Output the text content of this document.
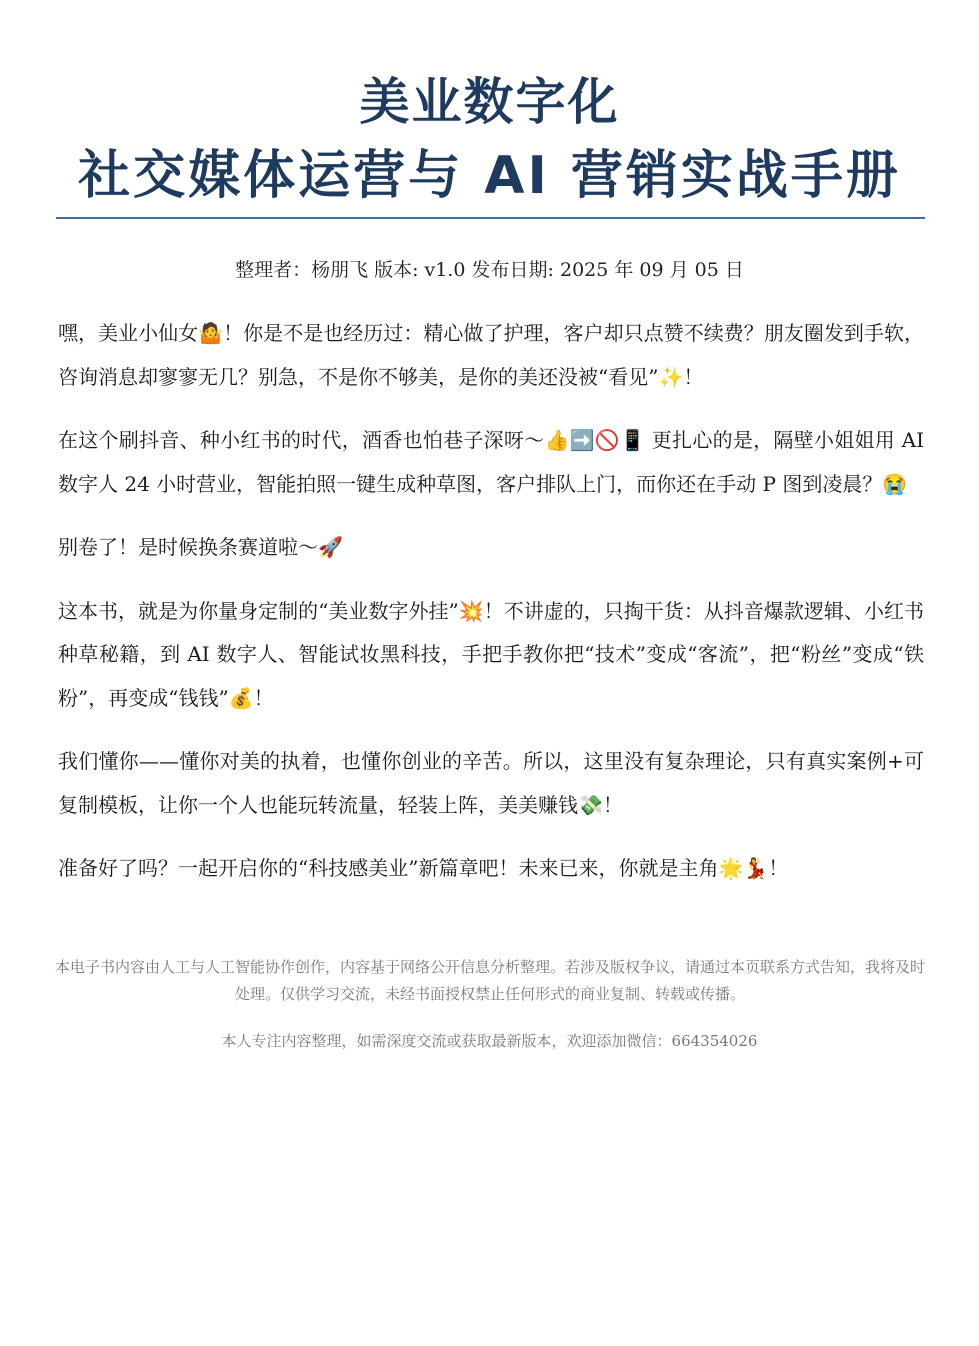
美业数字化
社交媒体运营与 AI 营销实战手册
整理者：杨朋飞 版本: v1.0 发布日期: 2025 年 09 月 05 日

嘿，美业小仙女🤷！你是不是也经历过：精心做了护理，客户却只点赞不续费？朋友圈发到手软，咨询消息却寥寥无几？别急，不是你不够美，是你的美还没被“看见”✨！

在这个刷抖音、种小红书的时代，酒香也怕巷子深呀～👍➡️🚫📱 更扎心的是，隔壁小姐姐用 AI 数字人 24 小时营业，智能拍照一键生成种草图，客户排队上门，而你还在手动 P 图到凌晨？😭

别卷了！是时候换条赛道啦～🚀

这本书，就是为你量身定制的“美业数字外挂”💥！不讲虚的，只掏干货：从抖音爆款逻辑、小红书种草秘籍，到 AI 数字人、智能试妆黑科技，手把手教你把“技术”变成“客流”，把“粉丝”变成“铁粉”，再变成“钱钱”💰！

我们懂你——懂你对美的执着，也懂你创业的辛苦。所以，这里没有复杂理论，只有真实案例+可复制模板，让你一个人也能玩转流量，轻装上阵，美美赚钱💸！

准备好了吗？一起开启你的“科技感美业”新篇章吧！未来已来，你就是主角🌟💃！

本电子书内容由人工与人工智能协作创作，内容基于网络公开信息分析整理。若涉及版权争议，请通过本页联系方式告知，我将及时处理。仅供学习交流，未经书面授权禁止任何形式的商业复制、转载或传播。
本人专注内容整理，如需深度交流或获取最新版本，欢迎添加微信：664354026
